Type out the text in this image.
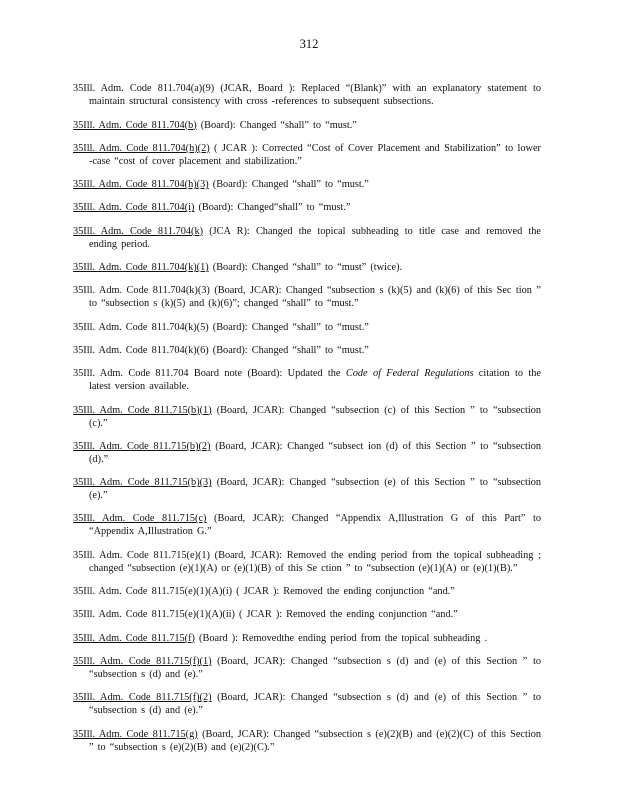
312

35Ill. Adm. Code 811.704(a)(9) (JCAR, Board ): Replaced “(Blank)” with an explanatory statement to maintain structural consistency with cross -references to subsequent subsections.

35Ill. Adm. Code 811.704(b) (Board): Changed “shall” to “must.”

35Ill. Adm. Code 811.704(h)(2) ( JCAR ): Corrected “Cost of Cover Placement and Stabilization” to lower -case “cost of cover placement and stabilization.”

35Ill. Adm. Code 811.704(h)(3) (Board): Changed “shall” to “must.”

35Ill. Adm. Code 811.704(i) (Board): Changed“shall” to “must.”

35Ill. Adm. Code 811.704(k) (JCA R): Changed the topical subheading to title case and removed the ending period.

35Ill. Adm. Code 811.704(k)(1) (Board): Changed “shall” to “must” (twice).

35Ill. Adm. Code 811.704(k)(3) (Board, JCAR): Changed “subsection s (k)(5) and (k)(6) of this Sec tion ” to “subsection s (k)(5) and (k)(6)”; changed “shall” to “must.”

35Ill. Adm. Code 811.704(k)(5) (Board): Changed “shall” to “must.”

35Ill. Adm. Code 811.704(k)(6) (Board): Changed “shall” to “must.”

35Ill. Adm. Code 811.704 Board note (Board): Updated the Code of Federal Regulations citation to the latest version available.

35Ill. Adm. Code 811.715(b)(1) (Board, JCAR): Changed “subsection (c) of this Section ” to “subsection (c).”

35Ill. Adm. Code 811.715(b)(2) (Board, JCAR): Changed “subsect ion (d) of this Section ” to “subsection (d).”

35Ill. Adm. Code 811.715(b)(3) (Board, JCAR): Changed “subsection (e) of this Section ” to “subsection (e).”

35Ill. Adm. Code 811.715(c) (Board, JCAR): Changed “Appendix A,Illustration G of this Part” to “Appendix A,Illustration G.”

35Ill. Adm. Code 811.715(e)(1) (Board, JCAR): Removed the ending period from the topical subheading ; changed “subsection (e)(1)(A) or (e)(1)(B) of this Se ction ” to “subsection (e)(1)(A) or (e)(1)(B).”

35Ill. Adm. Code 811.715(e)(1)(A)(i) ( JCAR ): Removed the ending conjunction “and.”

35Ill. Adm. Code 811.715(e)(1)(A)(ii) ( JCAR ): Removed the ending conjunction “and.”

35Ill. Adm. Code 811.715(f) (Board ): Removedthe ending period from the topical subheading .

35Ill. Adm. Code 811.715(f)(1) (Board, JCAR): Changed “subsection s (d) and (e) of this Section ” to “subsection s (d) and (e).”

35Ill. Adm. Code 811.715(f)(2) (Board, JCAR): Changed “subsection s (d) and (e) of this Section ” to “subsection s (d) and (e).”

35Ill. Adm. Code 811.715(g) (Board, JCAR): Changed “subsection s (e)(2)(B) and (e)(2)(C) of this Section ” to “subsection s (e)(2)(B) and (e)(2)(C).”
